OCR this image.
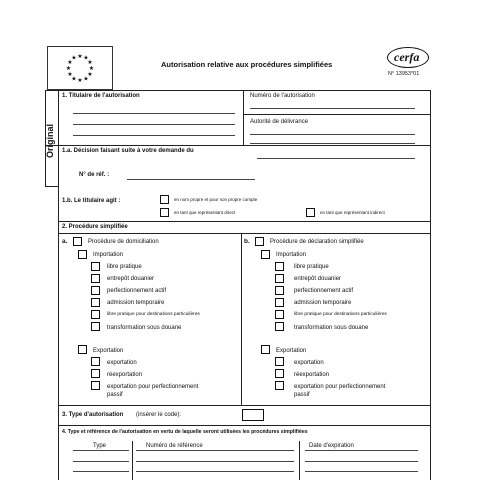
★ ★
★
★
★
★
★
★
★
★
★
★
Autorisation relative aux procédures simplifiées
cerfa
N° 13953*01
Original
1. Titulaire de l'autorisation	Numéro de l'autorisation
Autorité de délivrance
1.a. Décision faisant suite à votre demande du
N° de réf. :
1.b. Le titulaire agit :	en nom propre et pour son propre compte
en tant que représentant direct	en tant que représentant indirect
2. Procédure simplifiée
a.	Procédure de domiciliation
Importation
libre pratique
entrepôt douanier
perfectionnement actif
admission temporaire
libre pratique pour destinations particulières
transformation sous douane
Exportation
exportation
réexportation
exportation pour perfectionnement
passif
b.	Procédure de déclaration simplifiée
Importation
libre pratique
entrepôt douanier
perfectionnement actif
admission temporaire
libre pratique pour destinations particulières
transformation sous douane
Exportation
exportation
réexportation
exportation pour perfectionnement
passif
3. Type d'autorisation (insérer le code):
4. Type et référence de l'autorisation en vertu de laquelle seront utilisées les procédures simplifiées
Type	Numéro de référence	Date d'expiration
